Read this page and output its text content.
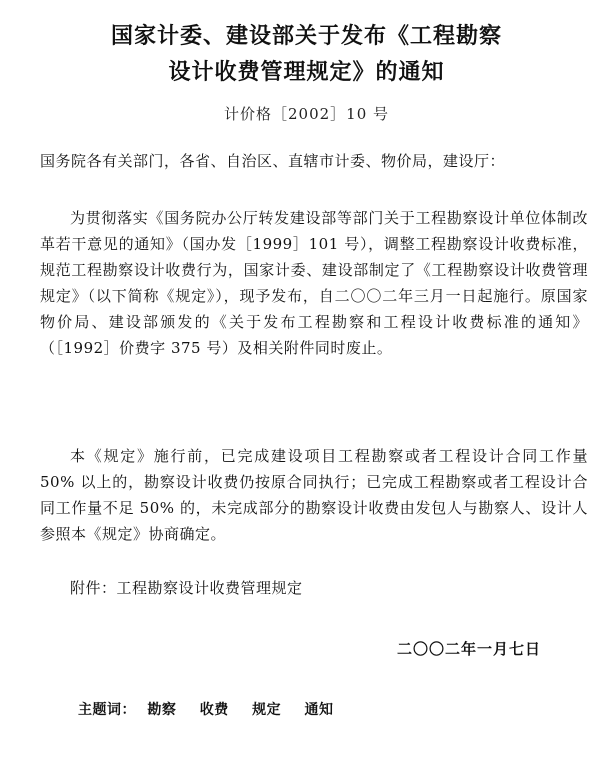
国家计委、建设部关于发布《工程勘察
设计收费管理规定》的通知
计价格［2002］10 号
国务院各有关部门，各省、自治区、直辖市计委、物价局，建设厅：
为贯彻落实《国务院办公厅转发建设部等部门关于工程勘察设计单位体制改革若干意见的通知》（国办发［1999］101 号），调整工程勘察设计收费标准，规范工程勘察设计收费行为，国家计委、建设部制定了《工程勘察设计收费管理规定》（以下简称《规定》），现予发布，自二〇〇二年三月一日起施行。原国家物价局、建设部颁发的《关于发布工程勘察和工程设计收费标准的通知》（［1992］价费字 375 号）及相关附件同时废止。
本《规定》施行前，已完成建设项目工程勘察或者工程设计合同工作量 50% 以上的，勘察设计收费仍按原合同执行；已完成工程勘察或者工程设计合同工作量不足 50% 的，未完成部分的勘察设计收费由发包人与勘察人、设计人参照本《规定》协商确定。
附件：工程勘察设计收费管理规定
二〇〇二年一月七日
主题词： 勘察 收费 规定 通知
